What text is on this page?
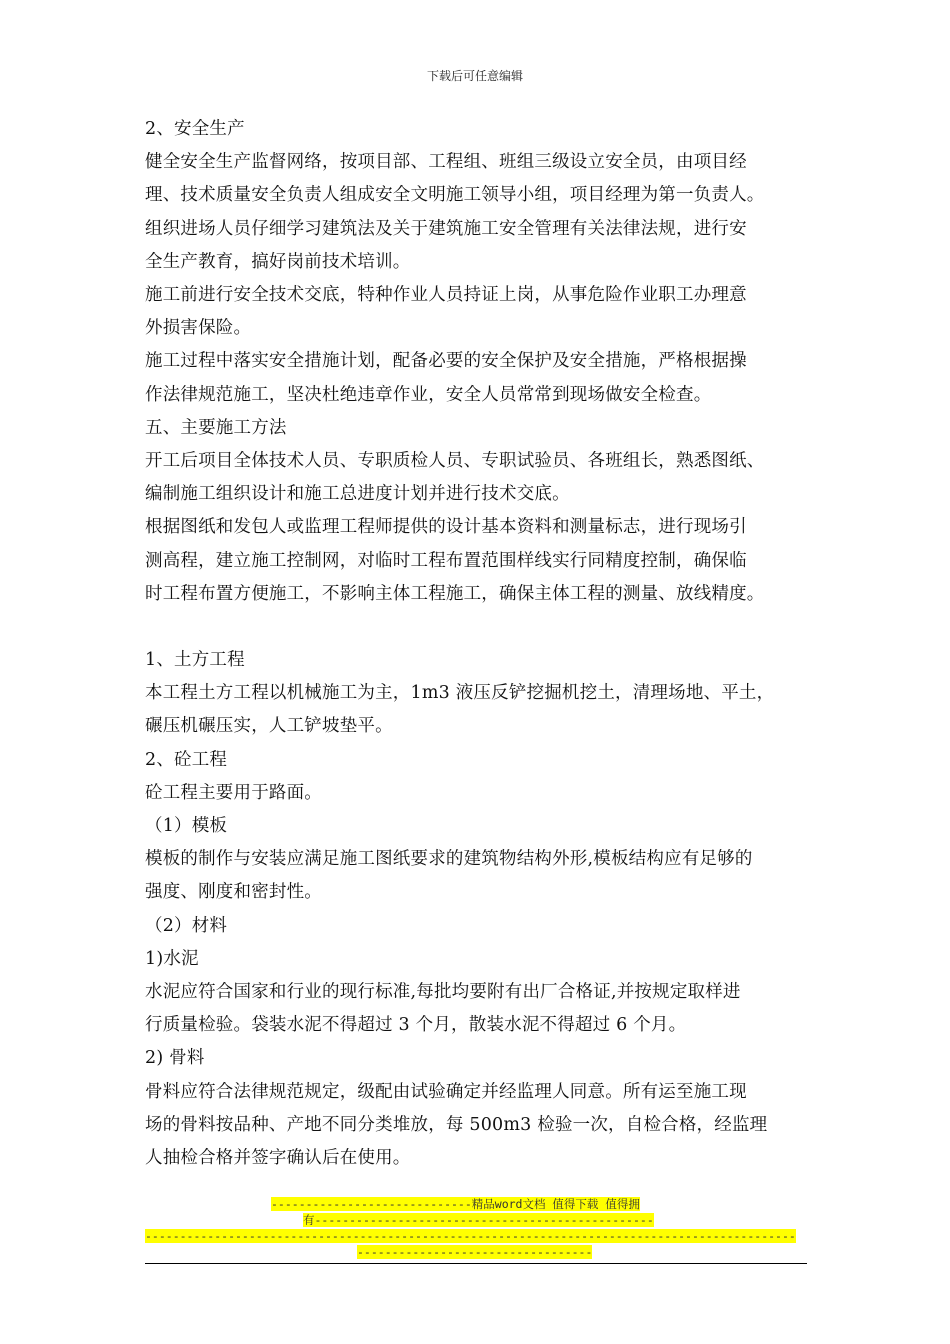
下载后可任意编辑
2、安全生产
健全安全生产监督网络，按项目部、工程组、班组三级设立安全员，由项目经
理、技术质量安全负责人组成安全文明施工领导小组，项目经理为第一负责人。
组织进场人员仔细学习建筑法及关于建筑施工安全管理有关法律法规，进行安
全生产教育，搞好岗前技术培训。
施工前进行安全技术交底，特种作业人员持证上岗，从事危险作业职工办理意
外损害保险。
施工过程中落实安全措施计划，配备必要的安全保护及安全措施，严格根据操
作法律规范施工，坚决杜绝违章作业，安全人员常常到现场做安全检查。
五、主要施工方法
开工后项目全体技术人员、专职质检人员、专职试验员、各班组长，熟悉图纸、
编制施工组织设计和施工总进度计划并进行技术交底。
根据图纸和发包人或监理工程师提供的设计基本资料和测量标志，进行现场引
测高程，建立施工控制网，对临时工程布置范围样线实行同精度控制，确保临
时工程布置方便施工，不影响主体工程施工，确保主体工程的测量、放线精度。
1、土方工程
本工程土方工程以机械施工为主，1m3 液压反铲挖掘机挖土，清理场地、平土，
碾压机碾压实，人工铲坡垫平。
2、砼工程
砼工程主要用于路面。
（1）模板
模板的制作与安装应满足施工图纸要求的建筑物结构外形,模板结构应有足够的
强度、刚度和密封性。
（2）材料
1)水泥
水泥应符合国家和行业的现行标准,每批均要附有出厂合格证,并按规定取样进
行质量检验。袋装水泥不得超过 3 个月，散装水泥不得超过 6 个月。
2) 骨料
骨料应符合法律规范规定，级配由试验确定并经监理人同意。所有运至施工现
场的骨料按品种、产地不同分类堆放，每 500m3 检验一次，自检合格，经监理
人抽检合格并签字确认后在使用。
-----------------------------精品word文档 值得下载 值得拥
有-------------------------------------------------
----------------------------------------------------------------------------------------------
----------------------------------
